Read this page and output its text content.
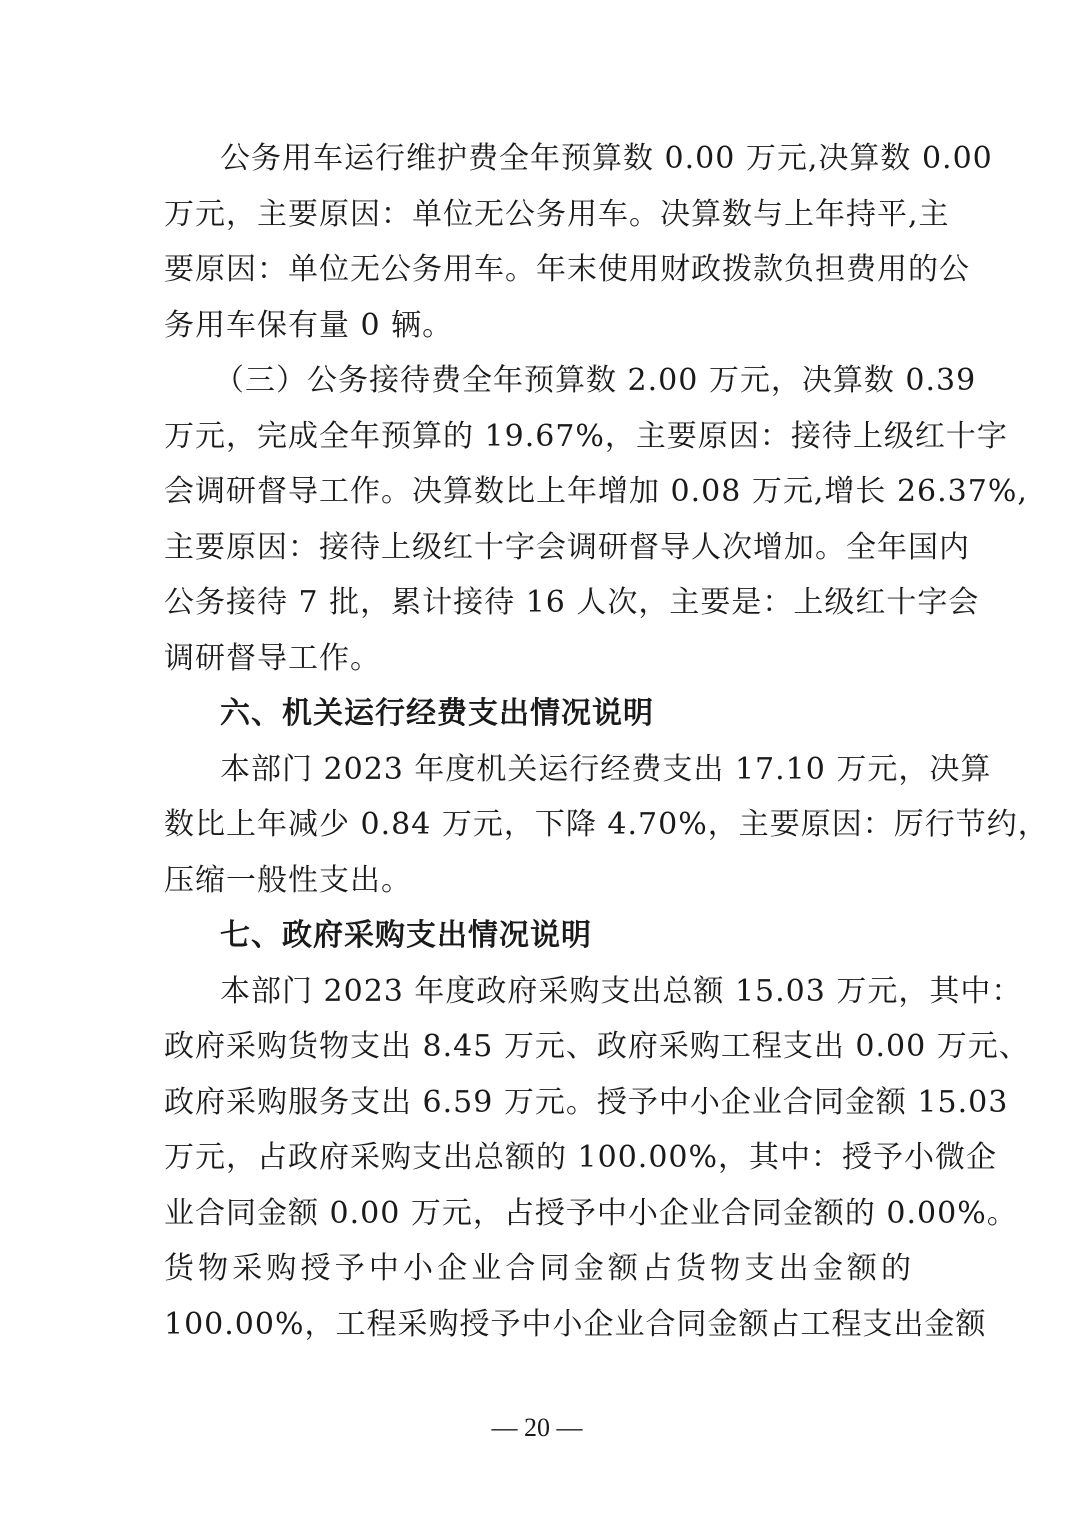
公务用车运行维护费全年预算数 0.00 万元,决算数 0.00
万元，主要原因：单位无公务用车。决算数与上年持平,主
要原因：单位无公务用车。年末使用财政拨款负担费用的公
务用车保有量 0 辆。
（三）公务接待费全年预算数 2.00 万元，决算数 0.39
万元，完成全年预算的 19.67%，主要原因：接待上级红十字
会调研督导工作。决算数比上年增加 0.08 万元,增长 26.37%,
主要原因：接待上级红十字会调研督导人次增加。全年国内
公务接待 7 批，累计接待 16 人次，主要是：上级红十字会
调研督导工作。
六、机关运行经费支出情况说明
本部门 2023 年度机关运行经费支出 17.10 万元，决算
数比上年减少 0.84 万元，下降 4.70%，主要原因：厉行节约，
压缩一般性支出。
七、政府采购支出情况说明
本部门 2023 年度政府采购支出总额 15.03 万元，其中：
政府采购货物支出 8.45 万元、政府采购工程支出 0.00 万元、
政府采购服务支出 6.59 万元。授予中小企业合同金额 15.03
万元，占政府采购支出总额的 100.00%，其中：授予小微企
业合同金额 0.00 万元，占授予中小企业合同金额的 0.00%。
货物采购授予中小企业合同金额占货物支出金额的
100.00%，工程采购授予中小企业合同金额占工程支出金额
— 20 —
